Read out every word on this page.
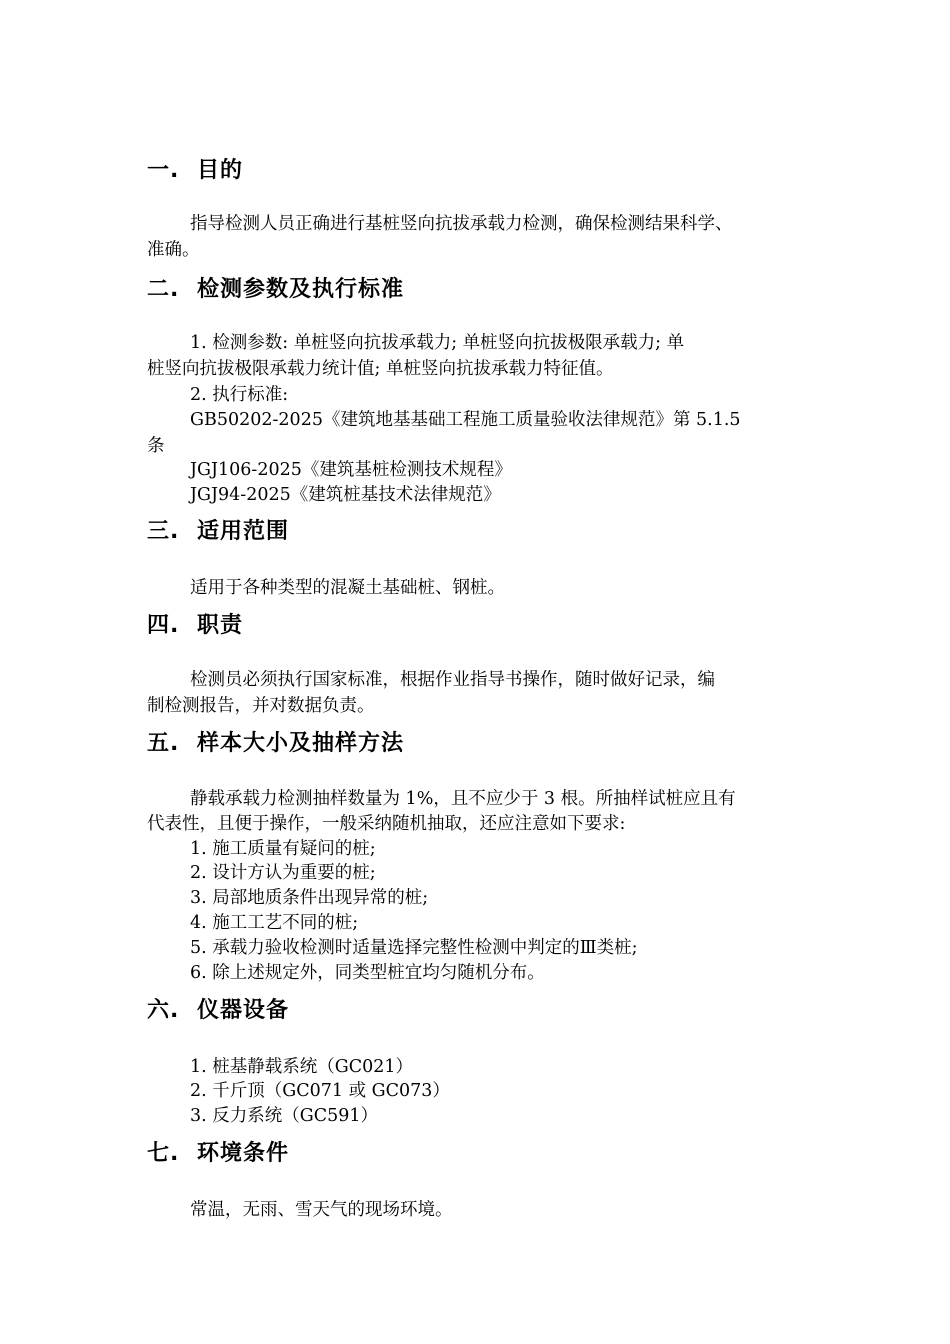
一. 目的
指导检测人员正确进行基桩竖向抗拔承载力检测，确保检测结果科学、
准确。
二. 检测参数及执行标准
1. 检测参数: 单桩竖向抗拔承载力; 单桩竖向抗拔极限承载力; 单
桩竖向抗拔极限承载力统计值; 单桩竖向抗拔承载力特征值。
2. 执行标准:
GB50202-2025《建筑地基基础工程施工质量验收法律规范》第 5.1.5
条
JGJ106-2025《建筑基桩检测技术规程》
JGJ94-2025《建筑桩基技术法律规范》
三. 适用范围
适用于各种类型的混凝土基础桩、钢桩。
四. 职责
检测员必须执行国家标准，根据作业指导书操作，随时做好记录，编
制检测报告，并对数据负责。
五. 样本大小及抽样方法
静载承载力检测抽样数量为 1%，且不应少于 3 根。所抽样试桩应且有
代表性，且便于操作，一般采纳随机抽取，还应注意如下要求:
1. 施工质量有疑问的桩;
2. 设计方认为重要的桩;
3. 局部地质条件出现异常的桩;
4. 施工工艺不同的桩;
5. 承载力验收检测时适量选择完整性检测中判定的Ⅲ类桩;
6. 除上述规定外，同类型桩宜均匀随机分布。
六. 仪器设备
1. 桩基静载系统（GC021）
2. 千斤顶（GC071 或 GC073）
3. 反力系统（GC591）
七. 环境条件
常温，无雨、雪天气的现场环境。
